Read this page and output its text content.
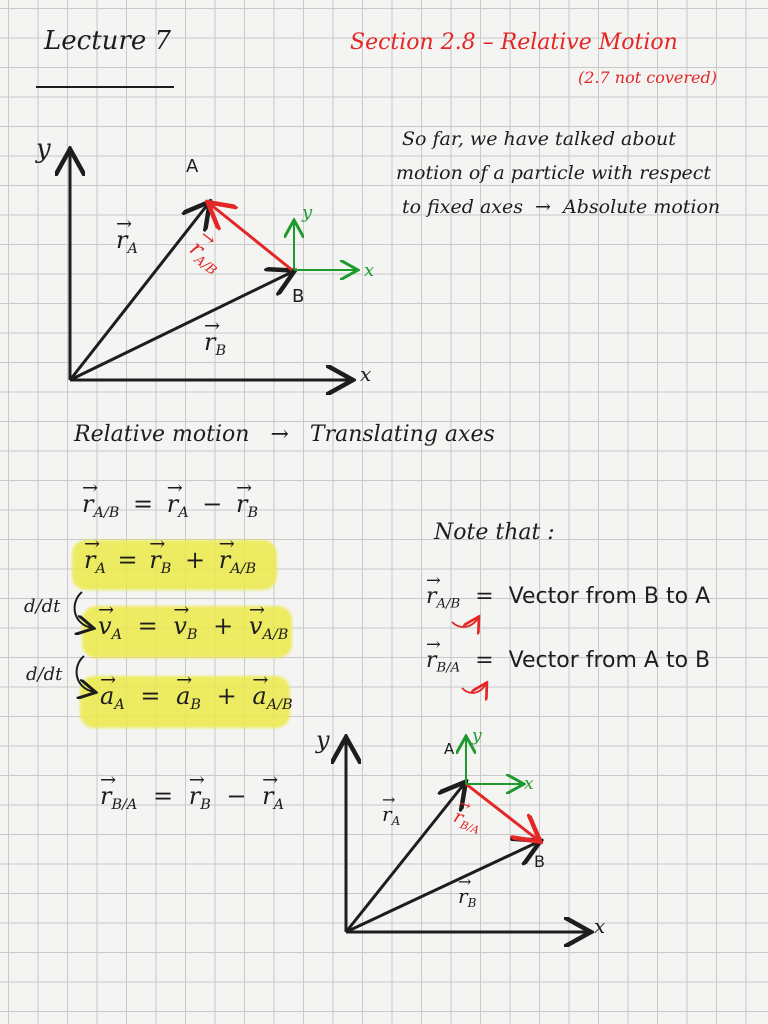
Lecture 7	Section 2.8 – Relative Motion
(2.7 not covered)
y
x
A
B
→ $r_A$
→ $r_B$
→ $r_{A/B}$
y
x
So far, we have talked about
motion of a particle with respect
to fixed axes → Absolute motion
Relative motion → Translating axes
→ $r_{A/B}$ = → $r_A$ − → $r_B$
→ $r_A$ = → $r_B$ + → $r_{A/B}$
d/dt
→ $v_A$ = → $v_B$ + → $v_{A/B}$
d/dt
→ $a_A$ = → $a_B$ + → $a_{A/B}$
→ $r_{B/A}$ = → $r_B$ − → $r_A$
Note that :
→ $r_{A/B}$ = Vector from B to A
→ $r_{B/A}$ = Vector from A to B
y
x
A
B
→ $r_A$
→ $r_B$
→ $r_{B/A}$
y
x
